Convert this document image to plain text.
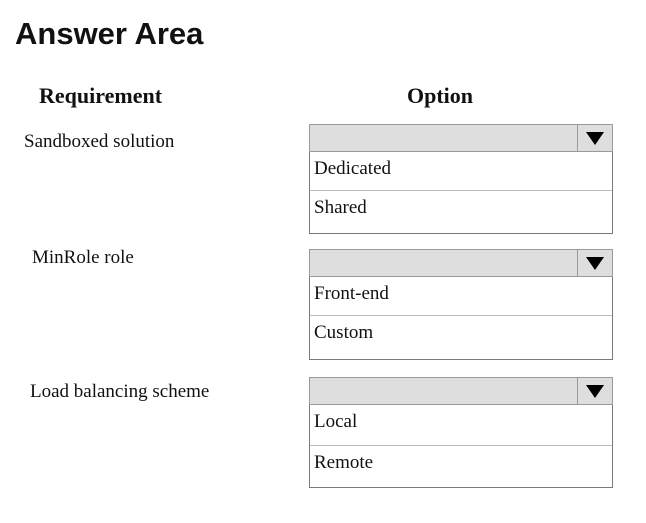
Answer Area
Requirement	Option
Sandboxed solution
Dedicated
Shared
MinRole role
Front-end
Custom
Load balancing scheme
Local
Remote
